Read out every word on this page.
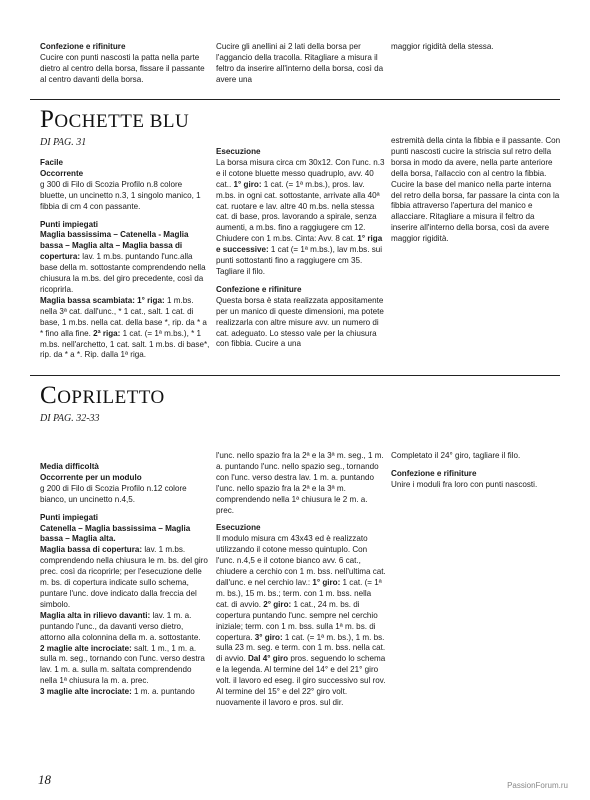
Confezione e rifiniture

Cucire con punti nascosti la patta nella parte dietro al centro della borsa, fissare il passante al centro davanti della borsa.

Cucire gli anellini ai 2 lati della borsa per l'aggancio della tracolla. Ritagliare a misura il feltro da inserire all'interno della borsa, così da avere una

maggior rigidità della stessa.

POCHETTE BLU
DI PAG. 31

Facile

Occorrente

g 300 di Filo di Scozia Profilo n.8 colore bluette, un uncinetto n.3, 1 singolo manico, 1 fibbia di cm 4 con passante.

Punti impiegati

Maglia bassissima – Catenella - Maglia bassa – Maglia alta – Maglia bassa di copertura: lav. 1 m.bs. puntando l'unc.alla base della m. sottostante comprendendo nella chiusura la m.bs. del giro precedente, così da ricoprirla.

Maglia bassa scambiata: 1° riga: 1 m.bs. nella 3ª cat. dall'unc., * 1 cat., salt. 1 cat. di base, 1 m.bs. nella cat. della base *, rip. da * a * fino alla fine. 2ª riga: 1 cat. (= 1ª m.bs.), * 1 m.bs. nell'archetto, 1 cat. salt. 1 m.bs. di base*, rip. da * a *. Rip. dalla 1ª riga.

Esecuzione

La borsa misura circa cm 30x12. Con l'unc. n.3 e il cotone bluette messo quadruplo, avv. 40 cat.. 1° giro: 1 cat. (= 1ª m.bs.), pros. lav. m.bs. in ogni cat. sottostante, arrivate alla 40ª cat. ruotare e lav. altre 40 m.bs. nella stessa cat. di base, pros. lavorando a spirale, senza aumenti, a m.bs. fino a raggiugere cm 12. Chiudere con 1 m.bs. Cinta: Avv. 8 cat. 1° riga e successive: 1 cat (= 1ª m.bs.), lav m.bs. sui punti sottostanti fino a raggiugere cm 35. Tagliare il filo.

Confezione e rifiniture

Questa borsa è stata realizzata appositamente per un manico di queste dimensioni, ma potete realizzarla con altre misure avv. un numero di cat. adeguato. Lo stesso vale per la chiusura con fibbia. Cucire a una

estremità della cinta la fibbia e il passante. Con punti nascosti cucire la striscia sul retro della borsa in modo da avere, nella parte anteriore della borsa, l'allaccio con al centro la fibbia. Cucire la base del manico nella parte interna del retro della borsa, far passare la cinta con la fibbia attraverso l'apertura del manico e allacciare. Ritagliare a misura il feltro da inserire all'interno della borsa, così da avere maggior rigidità.

COPRILETTO
DI PAG. 32-33

Media difficoltà

Occorrente per un modulo

g 200 di Filo di Scozia Profilo n.12 colore bianco, un uncinetto n.4,5.

Punti impiegati

Catenella – Maglia bassissima – Maglia bassa – Maglia alta.

Maglia bassa di copertura: lav. 1 m.bs. comprendendo nella chiusura le m. bs. del giro prec. così da ricoprirle; per l'esecuzione delle m. bs. di copertura indicate sullo schema, puntare l'unc. dove indicato dalla freccia del simbolo.

Maglia alta in rilievo davanti: lav. 1 m. a. puntando l'unc., da davanti verso dietro, attorno alla colonnina della m. a. sottostante.

2 maglie alte incrociate: salt. 1 m., 1 m. a. sulla m. seg., tornando con l'unc. verso destra lav. 1 m. a. sulla m. saltata comprendendo nella 1ª chiusura la m. a. prec.

3 maglie alte incrociate: 1 m. a. puntando

l'unc. nello spazio fra la 2ª e la 3ª m. seg., 1 m. a. puntando l'unc. nello spazio seg., tornando con l'unc. verso destra lav. 1 m. a. puntando l'unc. nello spazio fra la 2ª e la 3ª m. comprendendo nella 1ª chiusura le 2 m. a. prec.

Esecuzione

Il modulo misura cm 43x43 ed è realizzato utilizzando il cotone messo quintuplo. Con l'unc. n.4,5 e il cotone bianco avv. 6 cat., chiudere a cerchio con 1 m. bss. nell'ultima cat. dall'unc. e nel cerchio lav.: 1° giro: 1 cat. (= 1ª m. bs.), 15 m. bs.; term. con 1 m. bss. nella cat. di avvio. 2° giro: 1 cat., 24 m. bs. di copertura puntando l'unc. sempre nel cerchio iniziale; term. con 1 m. bss. sulla 1ª m. bs. di copertura. 3° giro: 1 cat. (= 1ª m. bs.), 1 m. bs. sulla 23 m. seg. e term. con 1 m. bss. nella cat. di avvio. Dal 4° giro pros. seguendo lo schema e la legenda. Al termine del 14° e del 21° giro volt. il lavoro ed eseg. il giro successivo sul rov. Al termine del 15° e del 22° giro volt. nuovamente il lavoro e pros. sul dir.

Completato il 24° giro, tagliare il filo.

Confezione e rifiniture

Unire i moduli fra loro con punti nascosti.

18	PassionForum.ru
